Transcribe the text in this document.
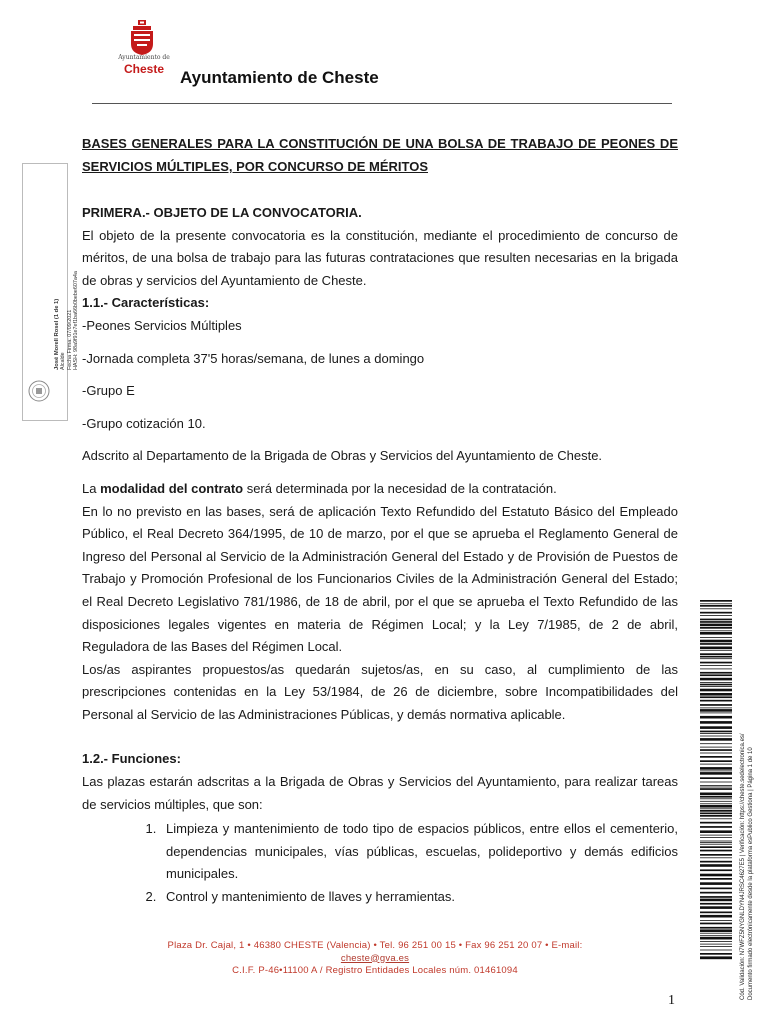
Ayuntamiento de
Cheste Ayuntamiento de Cheste
José Morell Rosel (1 de 1) Alcalde Fecha Firma: 07/09/2021 HASH: 98a9f91e7ef1ba66b0bebe607a4a

BASES GENERALES PARA LA CONSTITUCIÓN DE UNA BOLSA DE TRABAJO DE PEONES DE SERVICIOS MÚLTIPLES, POR CONCURSO DE MÉRITOS

PRIMERA.- OBJETO DE LA CONVOCATORIA.

El objeto de la presente convocatoria es la constitución, mediante el procedimiento de concurso de méritos, de una bolsa de trabajo para las futuras contrataciones que resulten necesarias en la brigada de obras y servicios del Ayuntamiento de Cheste.

1.1.- Características:

-Peones Servicios Múltiples

-Jornada completa 37'5 horas/semana, de lunes a domingo

-Grupo E

-Grupo cotización 10.

Adscrito al Departamento de la Brigada de Obras y Servicios del Ayuntamiento de Cheste.

La modalidad del contrato será determinada por la necesidad de la contratación.

En lo no previsto en las bases, será de aplicación Texto Refundido del Estatuto Básico del Empleado Público, el Real Decreto 364/1995, de 10 de marzo, por el que se aprueba el Reglamento General de Ingreso del Personal al Servicio de la Administración General del Estado y de Provisión de Puestos de Trabajo y Promoción Profesional de los Funcionarios Civiles de la Administración General del Estado; el Real Decreto Legislativo 781/1986, de 18 de abril, por el que se aprueba el Texto Refundido de las disposiciones legales vigentes en materia de Régimen Local; y la Ley 7/1985, de 2 de abril, Reguladora de las Bases del Régimen Local.

Los/as aspirantes propuestos/as quedarán sujetos/as, en su caso, al cumplimiento de las prescripciones contenidas en la Ley 53/1984, de 26 de diciembre, sobre Incompatibilidades del Personal al Servicio de las Administraciones Públicas, y demás normativa aplicable.

1.2.- Funciones:

Las plazas estarán adscritas a la Brigada de Obras y Servicios del Ayuntamiento, para realizar tareas de servicios múltiples, que son:

1. Limpieza y mantenimiento de todo tipo de espacios públicos, entre ellos el cementerio, dependencias municipales, vías públicas, escuelas, polideportivo y demás edificios municipales.
2. Control y mantenimiento de llaves y herramientas.
Plaza Dr. Cajal, 1 • 46380 CHESTE (Valencia) • Tel. 96 251 00 15 • Fax 96 251 20 07 • E-mail:
cheste@gva.es
C.I.F. P-46•11100 A / Registro Entidades Locales núm. 01461094
1
Cód. Validación: N7WFZ5NYGNLDYN4JRSC4627E5 | Verificación: https://cheste.sedelectronica.es/ Documento firmado electrónicamente desde la plataforma esPublico Gestiona | Página 1 de 10
